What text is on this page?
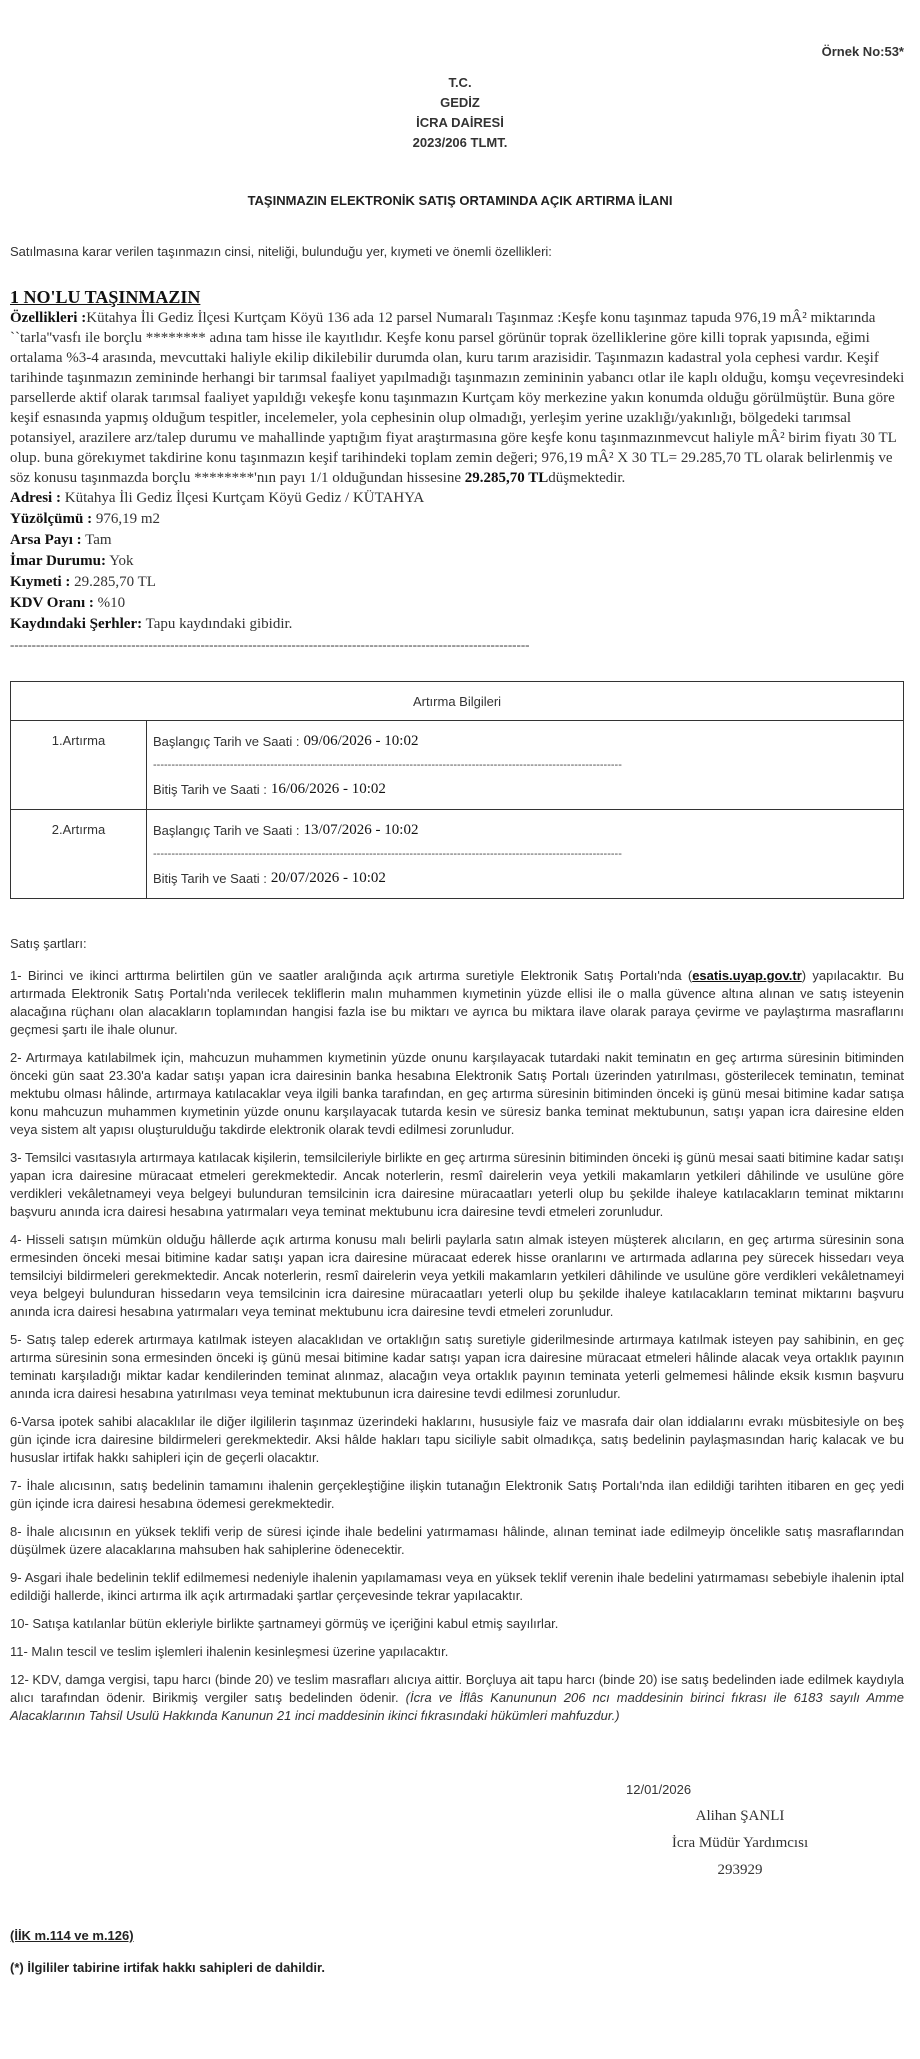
Örnek No:53*
T.C.
GEDİZ
İCRA DAİRESİ
2023/206 TLMT.
TAŞINMAZIN ELEKTRONİK SATIŞ ORTAMINDA AÇIK ARTIRMA İLANI
Satılmasına karar verilen taşınmazın cinsi, niteliği, bulunduğu yer, kıymeti ve önemli özellikleri:
1 NO'LU TAŞINMAZIN
Özellikleri :Kütahya İli Gediz İlçesi Kurtçam Köyü 136 ada 12 parsel Numaralı Taşınmaz :Keşfe konu taşınmaz tapuda 976,19 mÂ² miktarında ``tarla''vasfı ile borçlu ******** adına tam hisse ile kayıtlıdır. Keşfe konu parsel görünür toprak özelliklerine göre killi toprak yapısında, eğimi ortalama %3-4 arasında, mevcuttaki haliyle ekilip dikilebilir durumda olan, kuru tarım arazisidir. Taşınmazın kadastral yola cephesi vardır. Keşif tarihinde taşınmazın zemininde herhangi bir tarımsal faaliyet yapılmadığı taşınmazın zemininin yabancı otlar ile kaplı olduğu, komşu veçevresindeki parsellerde aktif olarak tarımsal faaliyet yapıldığı vekeşfe konu taşınmazın Kurtçam köy merkezine yakın konumda olduğu görülmüştür. Buna göre keşif esnasında yapmış olduğum tespitler, incelemeler, yola cephesinin olup olmadığı, yerleşim yerine uzaklığı/yakınlığı, bölgedeki tarımsal potansiyel, arazilere arz/talep durumu ve mahallinde yaptığım fiyat araştırmasına göre keşfe konu taşınmazınmevcut haliyle mÂ² birim fiyatı 30 TL olup. buna görekıymet takdirine konu taşınmazın keşif tarihindeki toplam zemin değeri; 976,19 mÂ² X 30 TL= 29.285,70 TL olarak belirlenmiş ve söz konusu taşınmazda borçlu ********'nın payı 1/1 olduğundan hissesine 29.285,70 TLdüşmektedir.
Adresi : Kütahya İli Gediz İlçesi Kurtçam Köyü Gediz / KÜTAHYA
Yüzölçümü : 976,19 m2
Arsa Payı : Tam
İmar Durumu: Yok
Kıymeti : 29.285,70 TL
KDV Oranı : %10
Kaydındaki Şerhler: Tapu kaydındaki gibidir.
------------------------------------------------------------------------------------------------------------------------
Artırma Bilgileri	
1.Artırma	Başlangıç Tarih ve Saati : 09/06/2026 - 10:02
--------------------------------------------------------------------------------------------------------------------------------
Bitiş Tarih ve Saati : 16/06/2026 - 10:02

2.Artırma	Başlangıç Tarih ve Saati : 13/07/2026 - 10:02
--------------------------------------------------------------------------------------------------------------------------------
Bitiş Tarih ve Saati : 20/07/2026 - 10:02
Satış şartları:

1- Birinci ve ikinci arttırma belirtilen gün ve saatler aralığında açık artırma suretiyle Elektronik Satış Portalı'nda (esatis.uyap.gov.tr) yapılacaktır. Bu artırmada Elektronik Satış Portalı'nda verilecek tekliflerin malın muhammen kıymetinin yüzde ellisi ile o malla güvence altına alınan ve satış isteyenin alacağına rüçhanı olan alacakların toplamından hangisi fazla ise bu miktarı ve ayrıca bu miktara ilave olarak paraya çevirme ve paylaştırma masraflarını geçmesi şartı ile ihale olunur.

2- Artırmaya katılabilmek için, mahcuzun muhammen kıymetinin yüzde onunu karşılayacak tutardaki nakit teminatın en geç artırma süresinin bitiminden önceki gün saat 23.30'a kadar satışı yapan icra dairesinin banka hesabına Elektronik Satış Portalı üzerinden yatırılması, gösterilecek teminatın, teminat mektubu olması hâlinde, artırmaya katılacaklar veya ilgili banka tarafından, en geç artırma süresinin bitiminden önceki iş günü mesai bitimine kadar satışa konu mahcuzun muhammen kıymetinin yüzde onunu karşılayacak tutarda kesin ve süresiz banka teminat mektubunun, satışı yapan icra dairesine elden veya sistem alt yapısı oluşturulduğu takdirde elektronik olarak tevdi edilmesi zorunludur.

3- Temsilci vasıtasıyla artırmaya katılacak kişilerin, temsilcileriyle birlikte en geç artırma süresinin bitiminden önceki iş günü mesai saati bitimine kadar satışı yapan icra dairesine müracaat etmeleri gerekmektedir. Ancak noterlerin, resmî dairelerin veya yetkili makamların yetkileri dâhilinde ve usulüne göre verdikleri vekâletnameyi veya belgeyi bulunduran temsilcinin icra dairesine müracaatları yeterli olup bu şekilde ihaleye katılacakların teminat miktarını başvuru anında icra dairesi hesabına yatırmaları veya teminat mektubunu icra dairesine tevdi etmeleri zorunludur.

4- Hisseli satışın mümkün olduğu hâllerde açık artırma konusu malı belirli paylarla satın almak isteyen müşterek alıcıların, en geç artırma süresinin sona ermesinden önceki mesai bitimine kadar satışı yapan icra dairesine müracaat ederek hisse oranlarını ve artırmada adlarına pey sürecek hissedarı veya temsilciyi bildirmeleri gerekmektedir. Ancak noterlerin, resmî dairelerin veya yetkili makamların yetkileri dâhilinde ve usulüne göre verdikleri vekâletnameyi veya belgeyi bulunduran hissedarın veya temsilcinin icra dairesine müracaatları yeterli olup bu şekilde ihaleye katılacakların teminat miktarını başvuru anında icra dairesi hesabına yatırmaları veya teminat mektubunu icra dairesine tevdi etmeleri zorunludur.

5- Satış talep ederek artırmaya katılmak isteyen alacaklıdan ve ortaklığın satış suretiyle giderilmesinde artırmaya katılmak isteyen pay sahibinin, en geç artırma süresinin sona ermesinden önceki iş günü mesai bitimine kadar satışı yapan icra dairesine müracaat etmeleri hâlinde alacak veya ortaklık payının teminatı karşıladığı miktar kadar kendilerinden teminat alınmaz, alacağın veya ortaklık payının teminata yeterli gelmemesi hâlinde eksik kısmın başvuru anında icra dairesi hesabına yatırılması veya teminat mektubunun icra dairesine tevdi edilmesi zorunludur.

6-Varsa ipotek sahibi alacaklılar ile diğer ilgililerin taşınmaz üzerindeki haklarını, hususiyle faiz ve masrafa dair olan iddialarını evrakı müsbitesiyle on beş gün içinde icra dairesine bildirmeleri gerekmektedir. Aksi hâlde hakları tapu siciliyle sabit olmadıkça, satış bedelinin paylaşmasından hariç kalacak ve bu hususlar irtifak hakkı sahipleri için de geçerli olacaktır.

7- İhale alıcısının, satış bedelinin tamamını ihalenin gerçekleştiğine ilişkin tutanağın Elektronik Satış Portalı'nda ilan edildiği tarihten itibaren en geç yedi gün içinde icra dairesi hesabına ödemesi gerekmektedir.

8- İhale alıcısının en yüksek teklifi verip de süresi içinde ihale bedelini yatırmaması hâlinde, alınan teminat iade edilmeyip öncelikle satış masraflarından düşülmek üzere alacaklarına mahsuben hak sahiplerine ödenecektir.

9- Asgari ihale bedelinin teklif edilmemesi nedeniyle ihalenin yapılamaması veya en yüksek teklif verenin ihale bedelini yatırmaması sebebiyle ihalenin iptal edildiği hallerde, ikinci artırma ilk açık artırmadaki şartlar çerçevesinde tekrar yapılacaktır.

10- Satışa katılanlar bütün ekleriyle birlikte şartnameyi görmüş ve içeriğini kabul etmiş sayılırlar.

11- Malın tescil ve teslim işlemleri ihalenin kesinleşmesi üzerine yapılacaktır.

12- KDV, damga vergisi, tapu harcı (binde 20) ve teslim masrafları alıcıya aittir. Borçluya ait tapu harcı (binde 20) ise satış bedelinden iade edilmek kaydıyla alıcı tarafından ödenir. Birikmiş vergiler satış bedelinden ödenir. (İcra ve İflâs Kanununun 206 ncı maddesinin birinci fıkrası ile 6183 sayılı Amme Alacaklarının Tahsil Usulü Hakkında Kanunun 21 inci maddesinin ikinci fıkrasındaki hükümleri mahfuzdur.)

12/01/2026
Alihan ŞANLI
İcra Müdür Yardımcısı
293929
(İİK m.114 ve m.126)
(*) İlgililer tabirine irtifak hakkı sahipleri de dahildir.
